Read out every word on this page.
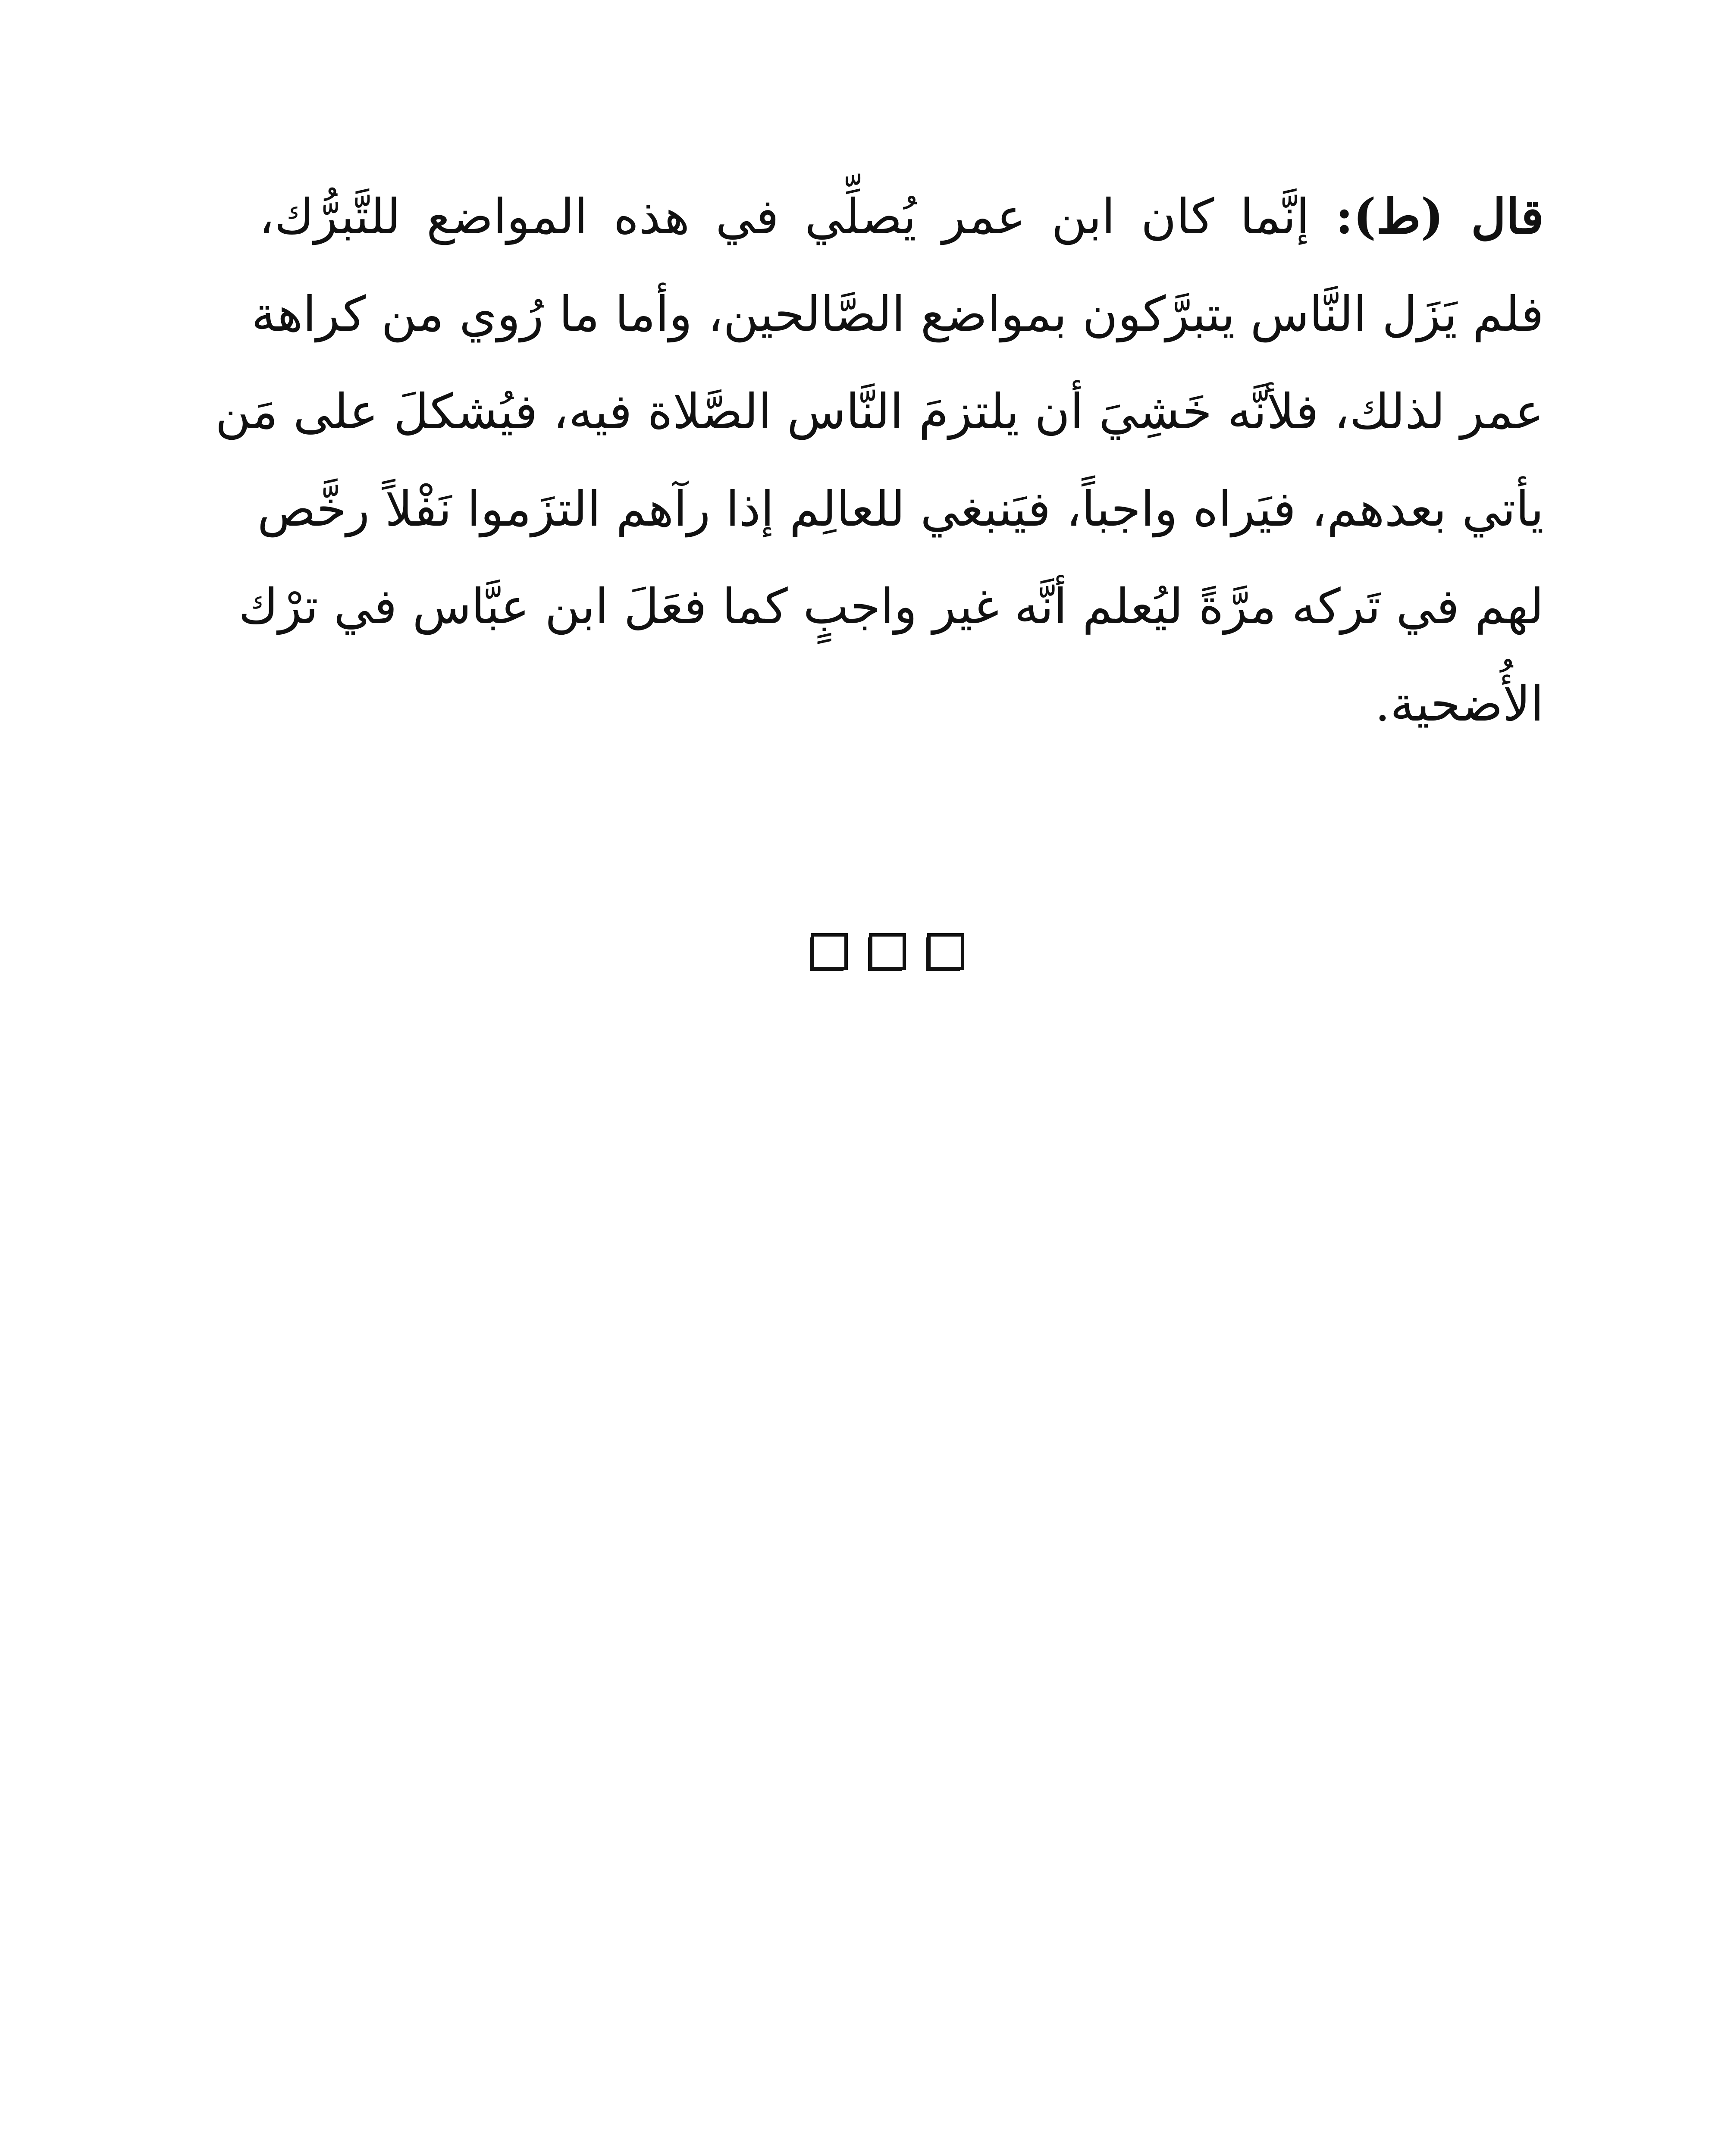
قال (ط): إنَّما كان ابن عمر يُصلِّي في هذه المواضع للتَّبرُّك،
فلم يَزَل النَّاس يتبرَّكون بمواضع الصَّالحين، وأما ما رُوي من كراهة
عمر لذلك، فلأنَّه خَشِيَ أن يلتزمَ النَّاس الصَّلاة فيه، فيُشكلَ على مَن
يأتي بعدهم، فيَراه واجباً، فيَنبغي للعالِم إذا رآهم التزَموا نَفْلاً رخَّص
لهم في تَركه مرَّةً ليُعلم أنَّه غير واجبٍ كما فعَلَ ابن عبَّاس في ترْك
الأُضحية.
